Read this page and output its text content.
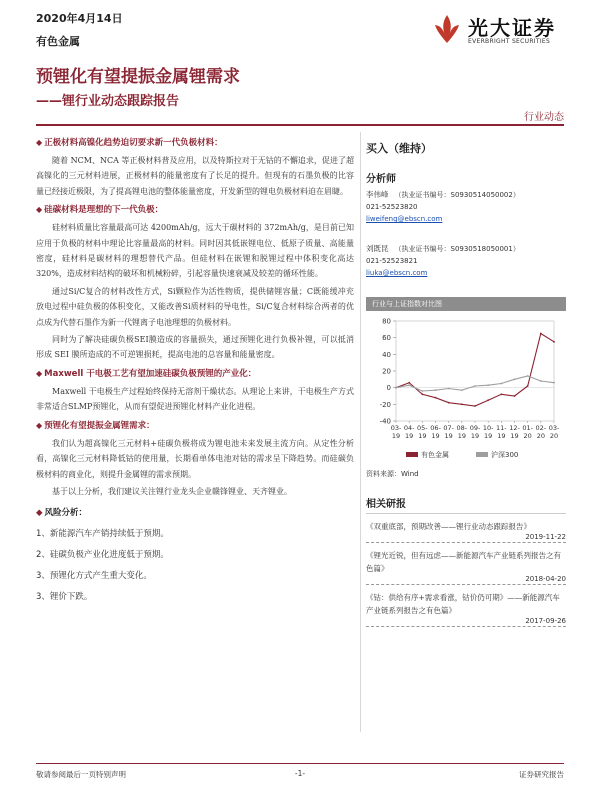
2020年4月14日
有色金属
光大证券
EVERBRIGHT SECURITIES
预锂化有望提振金属锂需求
——锂行业动态跟踪报告
行业动态
◆ 正极材料高镍化趋势迫切要求新一代负极材料：

随着 NCM、NCA 等正极材料普及应用，以及特斯拉对于无钴的不懈追求，促进了超高镍化的三元材料进展，正极材料的能量密度有了长足的提升。但现有的石墨负极的比容量已经接近极限，为了提高锂电池的整体能量密度，开发新型的锂电负极材料迫在眉睫。

◆ 硅碳材料是理想的下一代负极：

硅材料质量比容量最高可达 4200mAh/g，远大于碳材料的 372mAh/g，是目前已知应用于负极的材料中理论比容量最高的材料。同时因其低嵌锂电位、低原子质量、高能量密度，硅材料是碳材料的理想替代产品。但硅材料在嵌锂和脱锂过程中体积变化高达 320%，造成材料结构的破坏和机械粉碎，引起容量快速衰减及较差的循环性能。

通过Si/C复合的材料改性方式，Si颗粒作为活性物质，提供储锂容量；C既能缓冲充放电过程中硅负极的体积变化，又能改善Si质材料的导电性，Si/C复合材料综合两者的优点成为代替石墨作为新一代锂离子电池理想的负极材料。

同时为了解决硅碳负极SEI膜造成的容量损失，通过预锂化进行负极补锂，可以抵消形成 SEI 膜所造成的不可逆锂损耗，提高电池的总容量和能量密度。

◆ Maxwell 干电极工艺有望加速硅碳负极预锂的产业化：

Maxwell 干电极生产过程始终保持无溶剂干燥状态。从理论上来讲，干电极生产方式非常适合SLMP预锂化，从而有望促进预锂化材料产业化进程。

◆ 预锂化有望提振金属锂需求：

我们认为超高镍化三元材料+硅碳负极将成为锂电池未来发展主流方向。从定性分析看，高镍化三元材料降低钴的使用量，长期看单体电池对钴的需求呈下降趋势。而硅碳负极材料的商业化，则提升金属锂的需求预期。

基于以上分析，我们建议关注锂行业龙头企业赣锋锂业、天齐锂业。

◆ 风险分析：
1、新能源汽车产销持续低于预期。
2、硅碳负极产业化进度低于预期。
3、预锂化方式产生重大变化。
3、锂价下跌。
买入（维持）
分析师
李伟峰 （执业证书编号：S0930514050002）
021-52523820
liweifeng@ebscn.com
刘既昆 （执业证书编号：S0930518050001）
021-52523821
liuka@ebscn.com
行业与上证指数对比图
80
60
40
20
0
-20
-40
03-19
04-19
05-19
06-19
07-19
08-19
09-19
10-19
11-19
12-19
01-20
02-20
03-20
有色金属	沪深300
资料来源：Wind
相关研报
《双重底部，预期改善——锂行业动态跟踪报告》
2019-11-22
《锂光近锐，但有远虑——新能源汽车产业链系列报告之有色篇》
2018-04-20
《钴：供给有序+需求看涨，钴价仍可期》——新能源汽车产业链系列报告之有色篇》
2017-09-26
敬请参阅最后一页特别声明	-1-	证券研究报告
